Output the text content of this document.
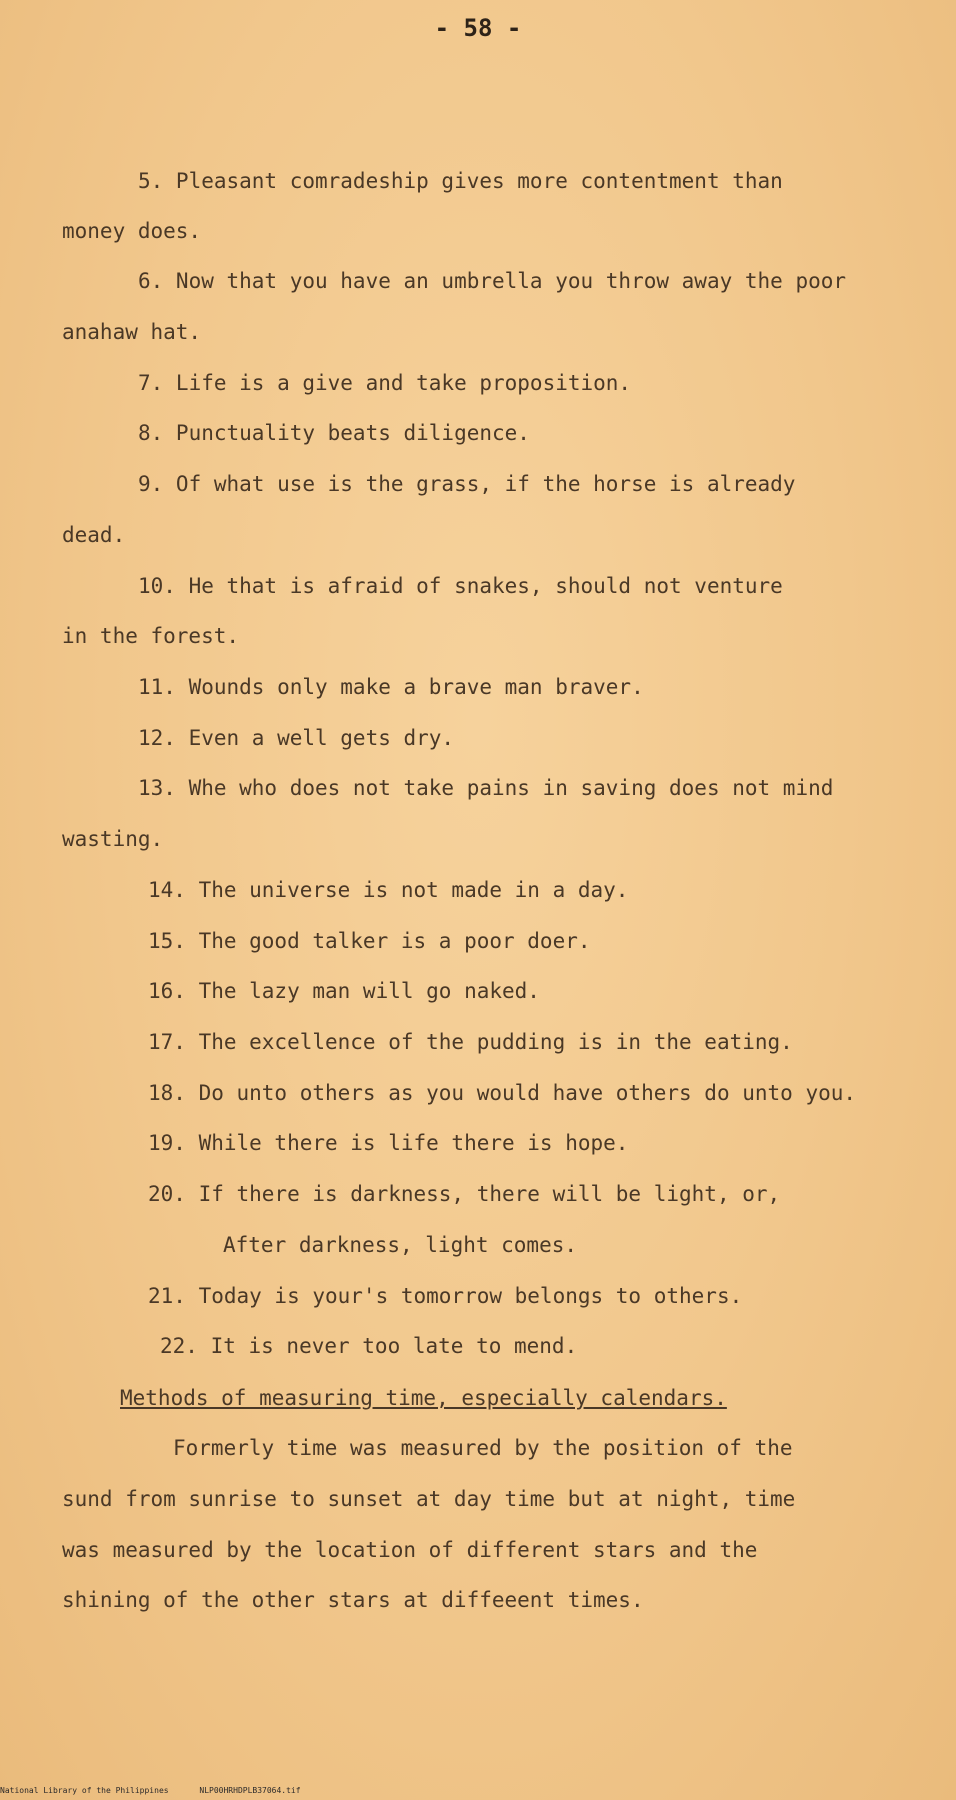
- 58 -
5. Pleasant comradeship gives more contentment than
money does.
6. Now that you have an umbrella you throw away the poor
anahaw hat.
7. Life is a give and take proposition.
8. Punctuality beats diligence.
9. Of what use is the grass, if the horse is already
dead.
10. He that is afraid of snakes, should not venture
in the forest.
11. Wounds only make a brave man braver.
12. Even a well gets dry.
13. Whe who does not take pains in saving does not mind
wasting.
14. The universe is not made in a day.
15. The good talker is a poor doer.
16. The lazy man will go naked.
17. The excellence of the pudding is in the eating.
18. Do unto others as you would have others do unto you.
19. While there is life there is hope.
20. If there is darkness, there will be light, or,
After darkness, light comes.
21. Today is your's tomorrow belongs to others.
22. It is never too late to mend.
Methods of measuring time, especially calendars.
Formerly time was measured by the position of the
sund from sunrise to sunset at day time but at night, time
was measured by the location of different stars and the
shining of the other stars at diffeeent times.
National Library of the Philippines	NLP00HRHDPLB37064.tif
